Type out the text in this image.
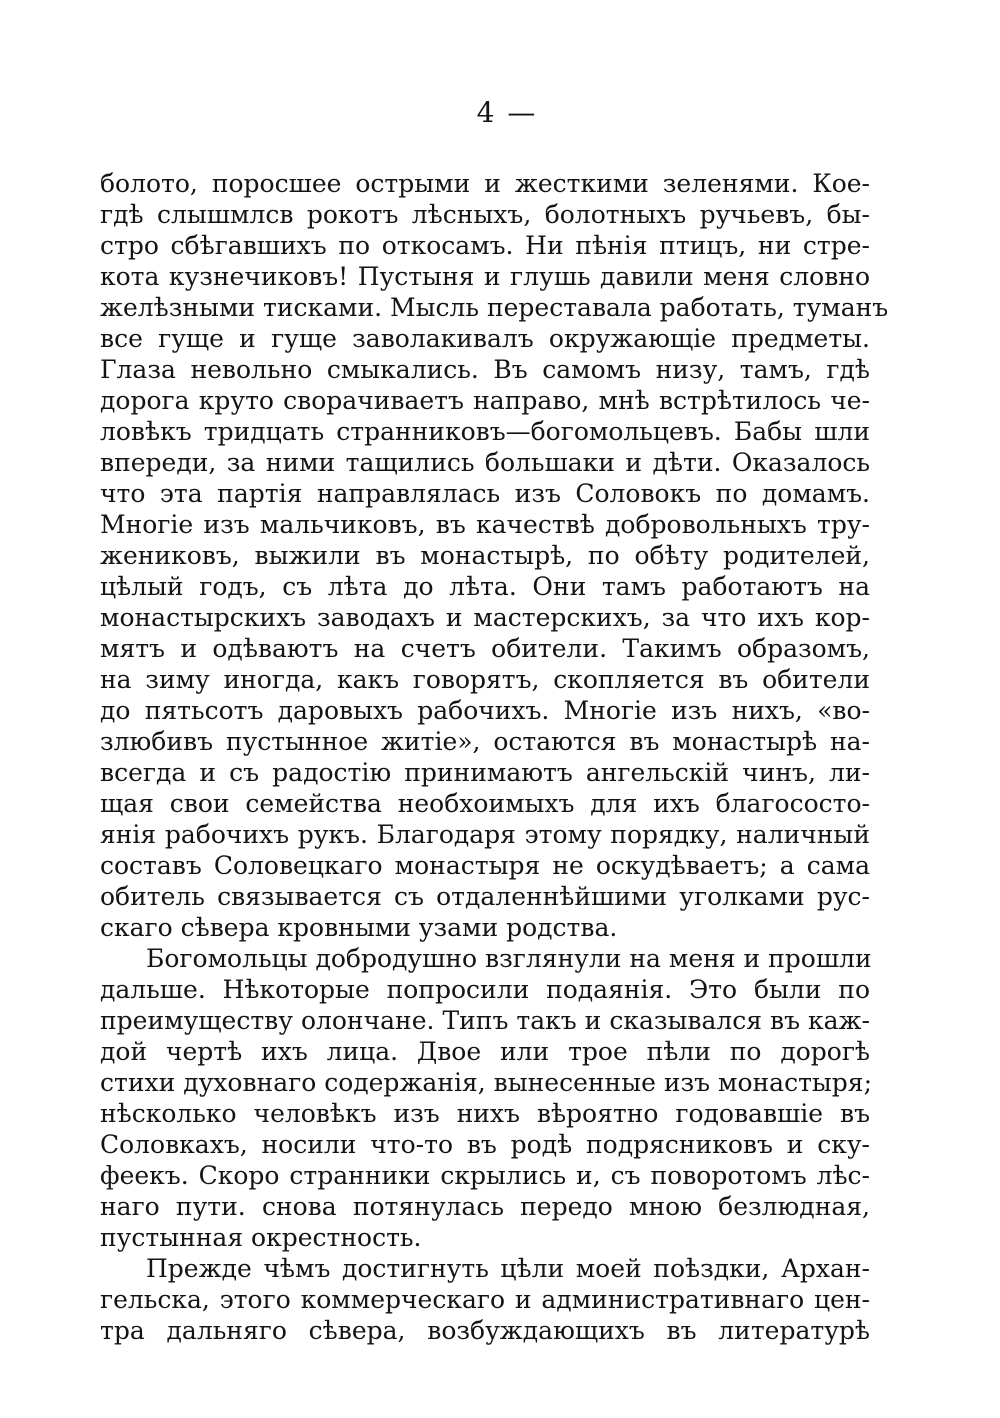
4 —
болото, поросшее острыми и жесткими зеленями. Кое-
гдѣ слышмлсв рокотъ лѣсныхъ, болотныхъ ручьевъ, бы-
стро сбѣгавшихъ по откосамъ. Ни пѣнія птицъ, ни стре-
кота кузнечиковъ! Пустыня и глушь давили меня словно
желѣзными тисками. Мысль переставала работать, туманъ
все гуще и гуще заволакивалъ окружающіе предметы.
Глаза невольно смыкались. Въ самомъ низу, тамъ, гдѣ
дорога круто сворачиваетъ направо, мнѣ встрѣтилось че-
ловѣкъ тридцать странниковъ—богомольцевъ. Бабы шли
впереди, за ними тащились большаки и дѣти. Оказалось
что эта партія направлялась изъ Соловокъ по домамъ.
Многіе изъ мальчиковъ, въ качествѣ добровольныхъ тру-
жениковъ, выжили въ монастырѣ, по обѣту родителей,
цѣлый годъ, съ лѣта до лѣта. Они тамъ работаютъ на
монастырскихъ заводахъ и мастерскихъ, за что ихъ кор-
мятъ и одѣваютъ на счетъ обители. Такимъ образомъ,
на зиму иногда, какъ говорятъ, скопляется въ обители
до пятьсотъ даровыхъ рабочихъ. Многіе изъ нихъ, «во-
злюбивъ пустынное житіе», остаются въ монастырѣ на-
всегда и съ радостію принимаютъ ангельскій чинъ, ли-
щая свои семейства необхоимыхъ для ихъ благососто-
янія рабочихъ рукъ. Благодаря этому порядку, наличный
составъ Соловецкаго монастыря не оскудѣваетъ; а сама
обитель связывается съ отдаленнѣйшими уголками рус-
скаго сѣвера кровными узами родства.
Богомольцы добродушно взглянули на меня и прошли
дальше. Нѣкоторые попросили подаянія. Это были по
преимуществу олончане. Типъ такъ и сказывался въ каж-
дой чертѣ ихъ лица. Двое или трое пѣли по дорогѣ
стихи духовнаго содержанія, вынесенные изъ монастыря;
нѣсколько человѣкъ изъ нихъ вѣроятно годовавшіе въ
Соловкахъ, носили что-то въ родѣ подрясниковъ и ску-
феекъ. Скоро странники скрылись и, съ поворотомъ лѣс-
наго пути. снова потянулась передо мною безлюдная,
пустынная окрестность.
Прежде чѣмъ достигнуть цѣли моей поѣздки, Архан-
гельска, этого коммерческаго и административнаго цен-
тра дальняго сѣвера, возбуждающихъ въ литературѣ
